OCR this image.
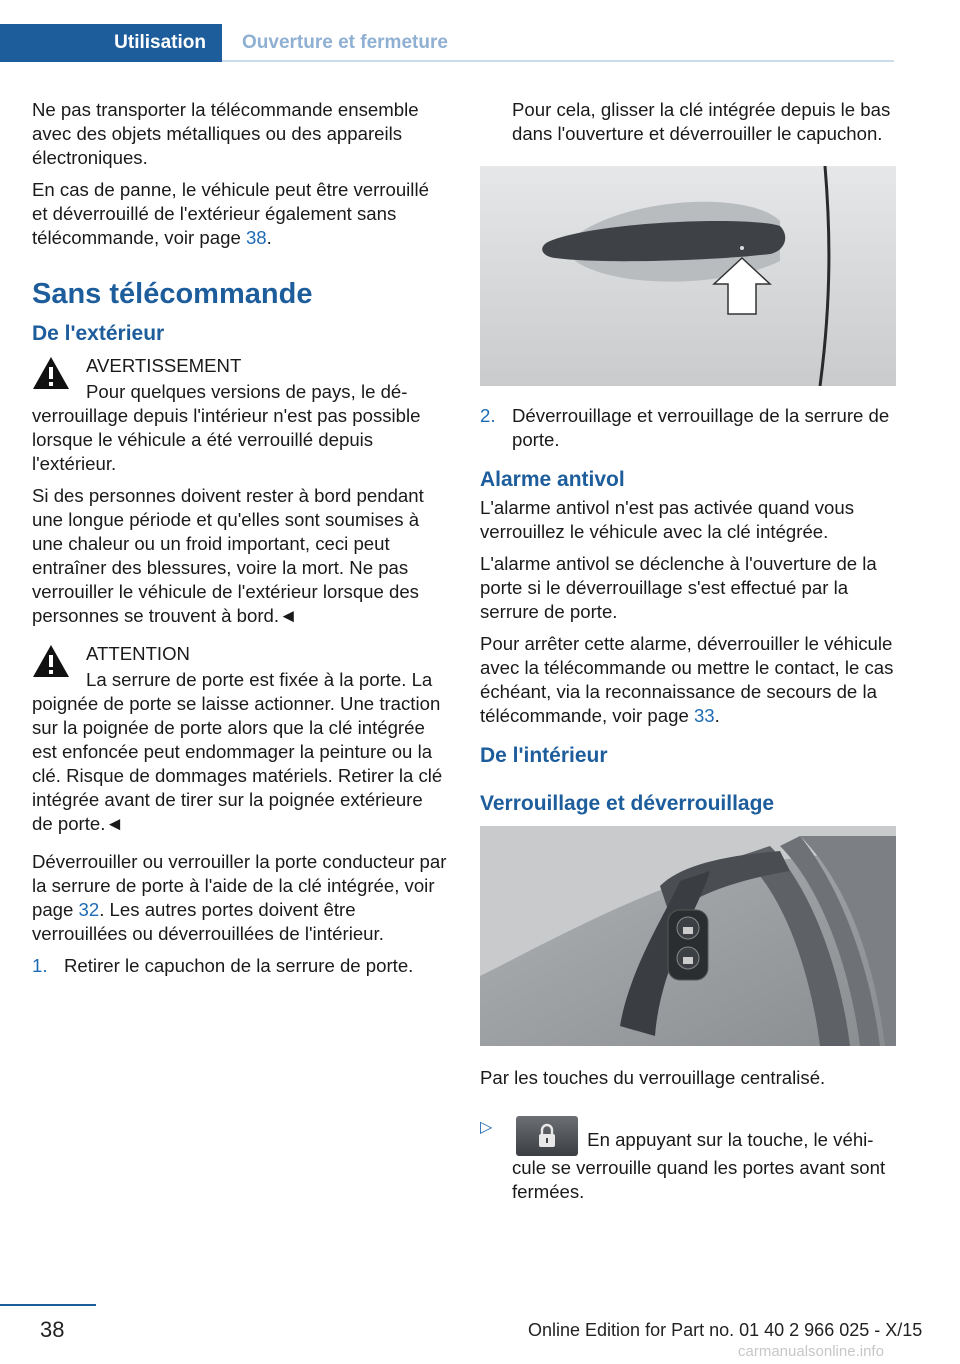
Utilisation	Ouverture et fermeture

Ne pas transporter la télécommande ensemble avec des objets métalliques ou des appareils électroniques.

En cas de panne, le véhicule peut être verrouillé et déverrouillé de l'extérieur également sans télécommande, voir page 38.

Sans télécommande
De l'extérieur
AVERTISSEMENT

Pour quelques versions de pays, le déverrouillage depuis l'intérieur n'est pas possible lorsque le véhicule a été verrouillé depuis l'extérieur.

Si des personnes doivent rester à bord pendant une longue période et qu'elles sont soumises à une chaleur ou un froid important, ceci peut entraîner des blessures, voire la mort. Ne pas verrouiller le véhicule de l'extérieur lorsque des personnes se trouvent à bord.◄

ATTENTION

La serrure de porte est fixée à la porte. La poignée de porte se laisse actionner. Une traction sur la poignée de porte alors que la clé intégrée est enfoncée peut endommager la peinture ou la clé. Risque de dommages matériels. Retirer la clé intégrée avant de tirer sur la poignée extérieure de porte.◄

Déverrouiller ou verrouiller la porte conducteur par la serrure de porte à l'aide de la clé intégrée, voir page 32. Les autres portes doivent être verrouillées ou déverrouillées de l'intérieur.

1. Retirer le capuchon de la serrure de porte.

Pour cela, glisser la clé intégrée depuis le bas dans l'ouverture et déverrouiller le capuchon.

2. Déverrouillage et verrouillage de la serrure de porte.
Alarme antivol

L'alarme antivol n'est pas activée quand vous verrouillez le véhicule avec la clé intégrée.

L'alarme antivol se déclenche à l'ouverture de la porte si le déverrouillage s'est effectué par la serrure de porte.

Pour arrêter cette alarme, déverrouiller le véhicule avec la télécommande ou mettre le contact, le cas échéant, via la reconnaissance de secours de la télécommande, voir page 33.

De l'intérieur
Verrouillage et déverrouillage

Par les touches du verrouillage centralisé.

▷
En appuyant sur la touche, le véhicule se verrouille quand les portes avant sont fermées.
38	Online Edition for Part no. 01 40 2 966 025 - X/15
carmanualsonline.info
